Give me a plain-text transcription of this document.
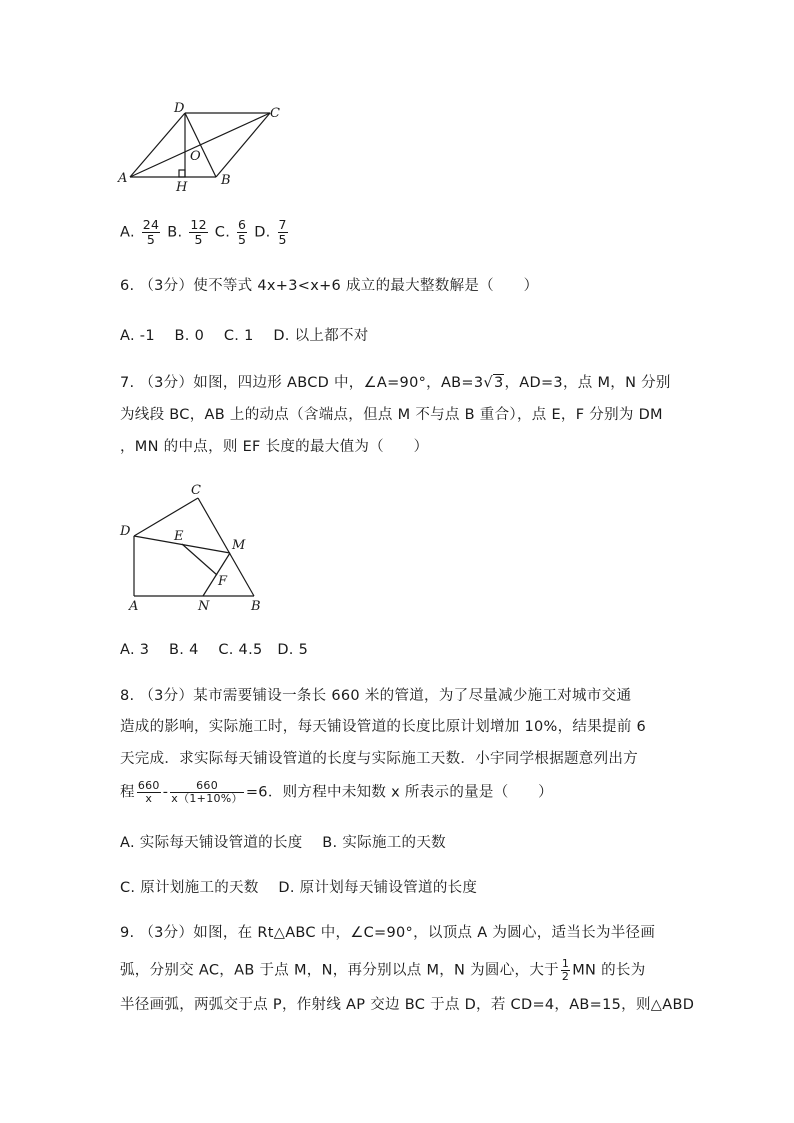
D	C
O
A
H	B
A. $\frac{24}{5} B$. $\frac{12}{5} C$. $\frac{6}{5} D$. $\frac{7}{5}$
6. （3分）使不等式 4x+3<x+6 成立的最大整数解是（　　）
A. -1　 B. 0　 C. 1　 D. 以上都不对
7. （3分）如图，四边形 ABCD 中，∠A=90°，AB=3√3，AD=3，点 M，N 分别
为线段 BC，AB 上的动点（含端点，但点 M 不与点 B 重合），点 E，F 分别为 DM
，MN 的中点，则 EF 长度的最大值为（　　）
C
D	E
M
F
A	N	B
A. 3　 B. 4　 C. 4.5　D. 5
8. （3分）某市需要铺设一条长 660 米的管道，为了尽量减少施工对城市交通
造成的影响，实际施工时，每天铺设管道的长度比原计划增加 10%，结果提前 6
天完成．求实际每天铺设管道的长度与实际施工天数．小宇同学根据题意列出方
程 $\frac{660}{x} - \frac{660}{x(1+10\%)} =6$．则方程中未知数 x 所表示的量是（　　）
A. 实际每天铺设管道的长度　 B. 实际施工的天数
C. 原计划施工的天数　 D. 原计划每天铺设管道的长度
9. （3分）如图，在 Rt△ABC 中，∠C=90°，以顶点 A 为圆心，适当长为半径画
弧，分别交 AC，AB 于点 M，N，再分别以点 M，N 为圆心，大于 $\frac{1}{2}$ MN 的长为
半径画弧，两弧交于点 P，作射线 AP 交边 BC 于点 D，若 CD=4，AB=15，则△ABD
